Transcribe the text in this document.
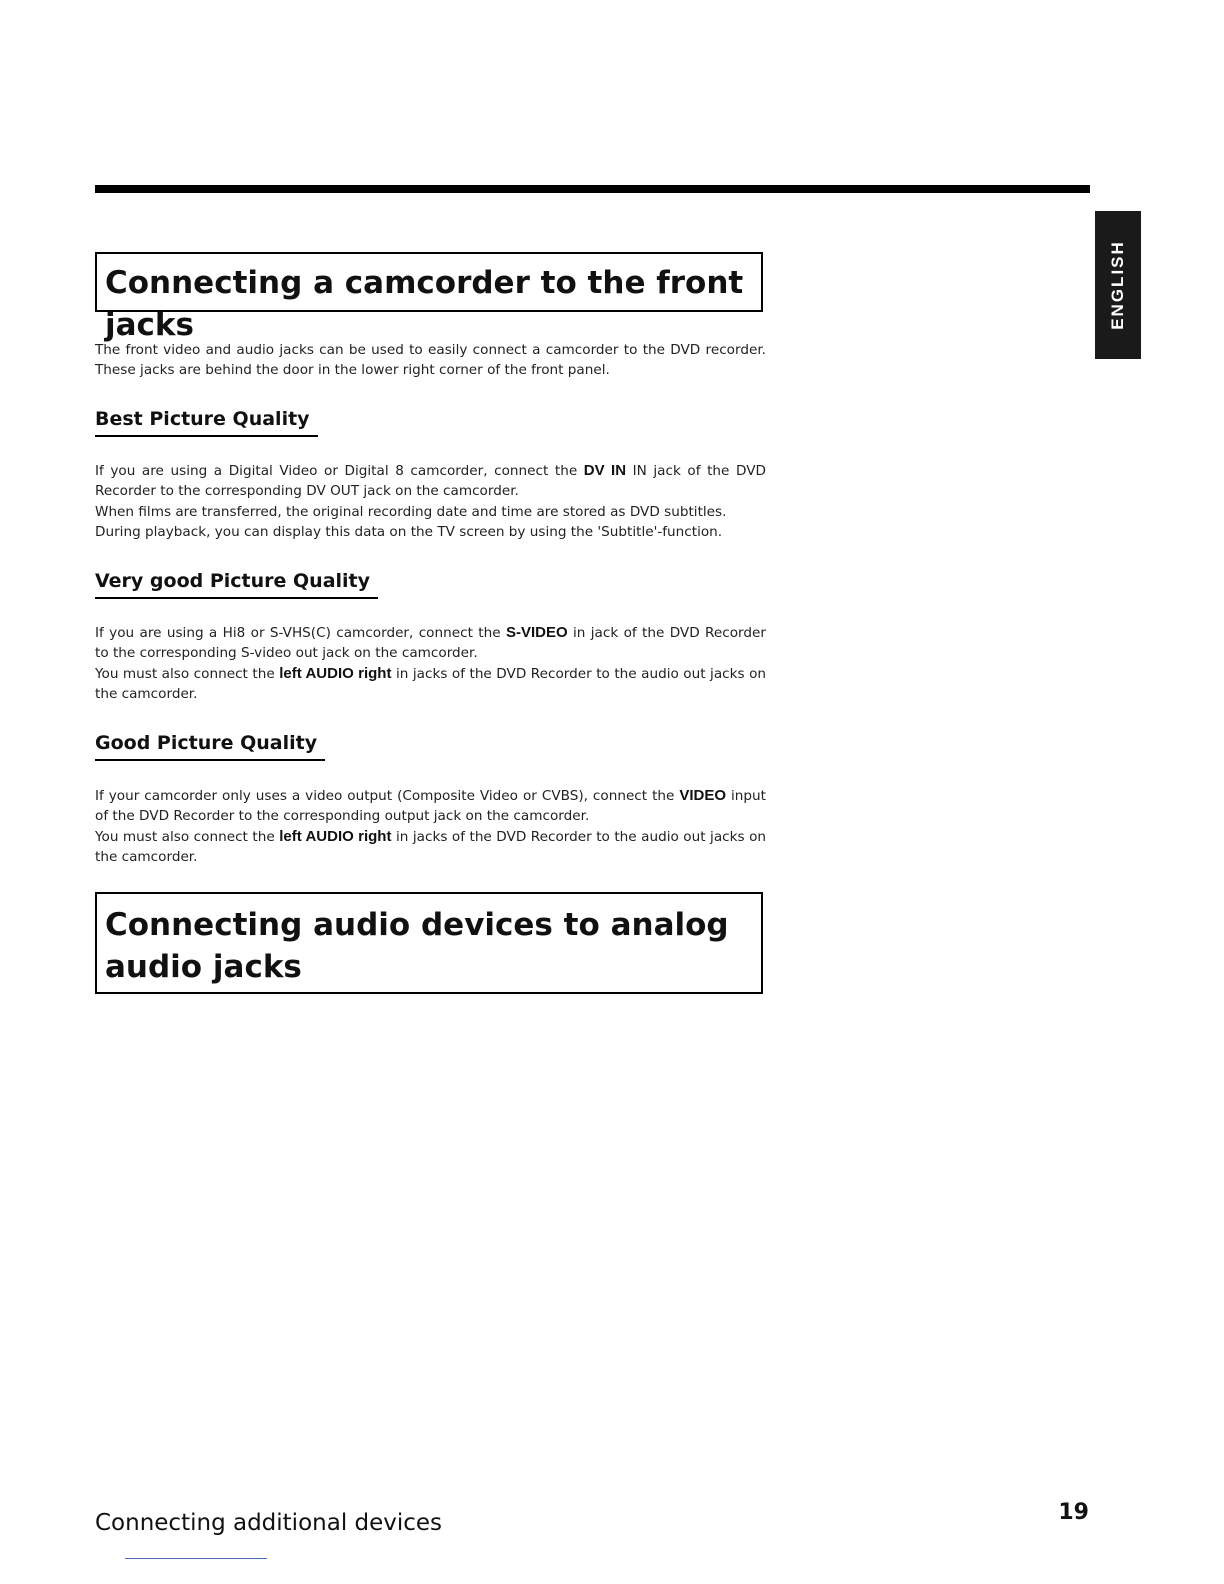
ENGLISH
Connecting a camcorder to the front jacks

The front video and audio jacks can be used to easily connect a camcorder to the DVD recorder. These jacks are behind the door in the lower right corner of the front panel.

Best Picture Quality

If you are using a Digital Video or Digital 8 camcorder, connect the DV IN IN jack of the DVD Recorder to the corresponding DV OUT jack on the camcorder.

When films are transferred, the original recording date and time are stored as DVD subtitles.

During playback, you can display this data on the TV screen by using the 'Subtitle'-function.

Very good Picture Quality

If you are using a Hi8 or S-VHS(C) camcorder, connect the S-VIDEO in jack of the DVD Recorder to the corresponding S-video out jack on the camcorder.

You must also connect the left AUDIO right in jacks of the DVD Recorder to the audio out jacks on the camcorder.

Good Picture Quality

If your camcorder only uses a video output (Composite Video or CVBS), connect the VIDEO input of the DVD Recorder to the corresponding output jack on the camcorder.

You must also connect the left AUDIO right in jacks of the DVD Recorder to the audio out jacks on the camcorder.

Connecting audio devices to analog audio jacks
Connecting additional devices	19
